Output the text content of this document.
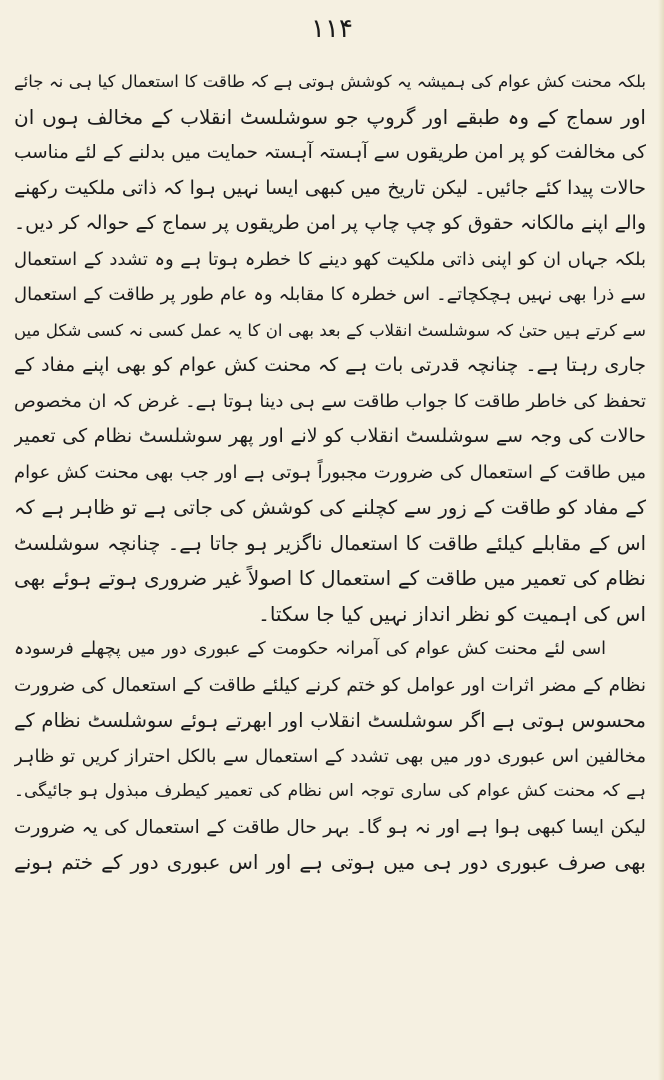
۱۱۴
بلکہ محنت کش عوام کی ہمیشہ یہ کوشش ہوتی ہے کہ طاقت کا استعمال کیا ہی نہ جائے
اور سماج کے وہ طبقے اور گروپ جو سوشلسٹ انقلاب کے مخالف ہوں ان
کی مخالفت کو پر امن طریقوں سے آہستہ آہستہ حمایت میں بدلنے کے لئے مناسب
حالات پیدا کئے جائیں۔ لیکن تاریخ میں کبھی ایسا نہیں ہوا کہ ذاتی ملکیت رکھنے
والے اپنے مالکانہ حقوق کو چپ چاپ پر امن طریقوں پر سماج کے حوالہ کر دیں۔
بلکہ جہاں ان کو اپنی ذاتی ملکیت کھو دینے کا خطرہ ہوتا ہے وہ تشدد کے استعمال
سے ذرا بھی نہیں ہچکچاتے۔ اس خطرہ کا مقابلہ وہ عام طور پر طاقت کے استعمال
سے کرتے ہیں حتیٰ کہ سوشلسٹ انقلاب کے بعد بھی ان کا یہ عمل کسی نہ کسی شکل میں
جاری رہتا ہے۔ چنانچہ قدرتی بات ہے کہ محنت کش عوام کو بھی اپنے مفاد کے
تحفظ کی خاطر طاقت کا جواب طاقت سے ہی دینا ہوتا ہے۔ غرض کہ ان مخصوص
حالات کی وجہ سے سوشلسٹ انقلاب کو لانے اور پھر سوشلسٹ نظام کی تعمیر
میں طاقت کے استعمال کی ضرورت مجبوراً ہوتی ہے اور جب بھی محنت کش عوام
کے مفاد کو طاقت کے زور سے کچلنے کی کوشش کی جاتی ہے تو ظاہر ہے کہ
اس کے مقابلے کیلئے طاقت کا استعمال ناگزیر ہو جاتا ہے۔ چنانچہ سوشلسٹ
نظام کی تعمیر میں طاقت کے استعمال کا اصولاً غیر ضروری ہوتے ہوئے بھی
اس کی اہمیت کو نظر انداز نہیں کیا جا سکتا۔
اسی لئے محنت کش عوام کی آمرانہ حکومت کے عبوری دور میں پچھلے فرسودہ
نظام کے مضر اثرات اور عوامل کو ختم کرنے کیلئے طاقت کے استعمال کی ضرورت
محسوس ہوتی ہے اگر سوشلسٹ انقلاب اور ابھرتے ہوئے سوشلسٹ نظام کے
مخالفین اس عبوری دور میں بھی تشدد کے استعمال سے بالکل احتراز کریں تو ظاہر
ہے کہ محنت کش عوام کی ساری توجہ اس نظام کی تعمیر کیطرف مبذول ہو جائیگی۔
لیکن ایسا کبھی ہوا ہے اور نہ ہو گا۔ بہر حال طاقت کے استعمال کی یہ ضرورت
بھی صرف عبوری دور ہی میں ہوتی ہے اور اس عبوری دور کے ختم ہونے
